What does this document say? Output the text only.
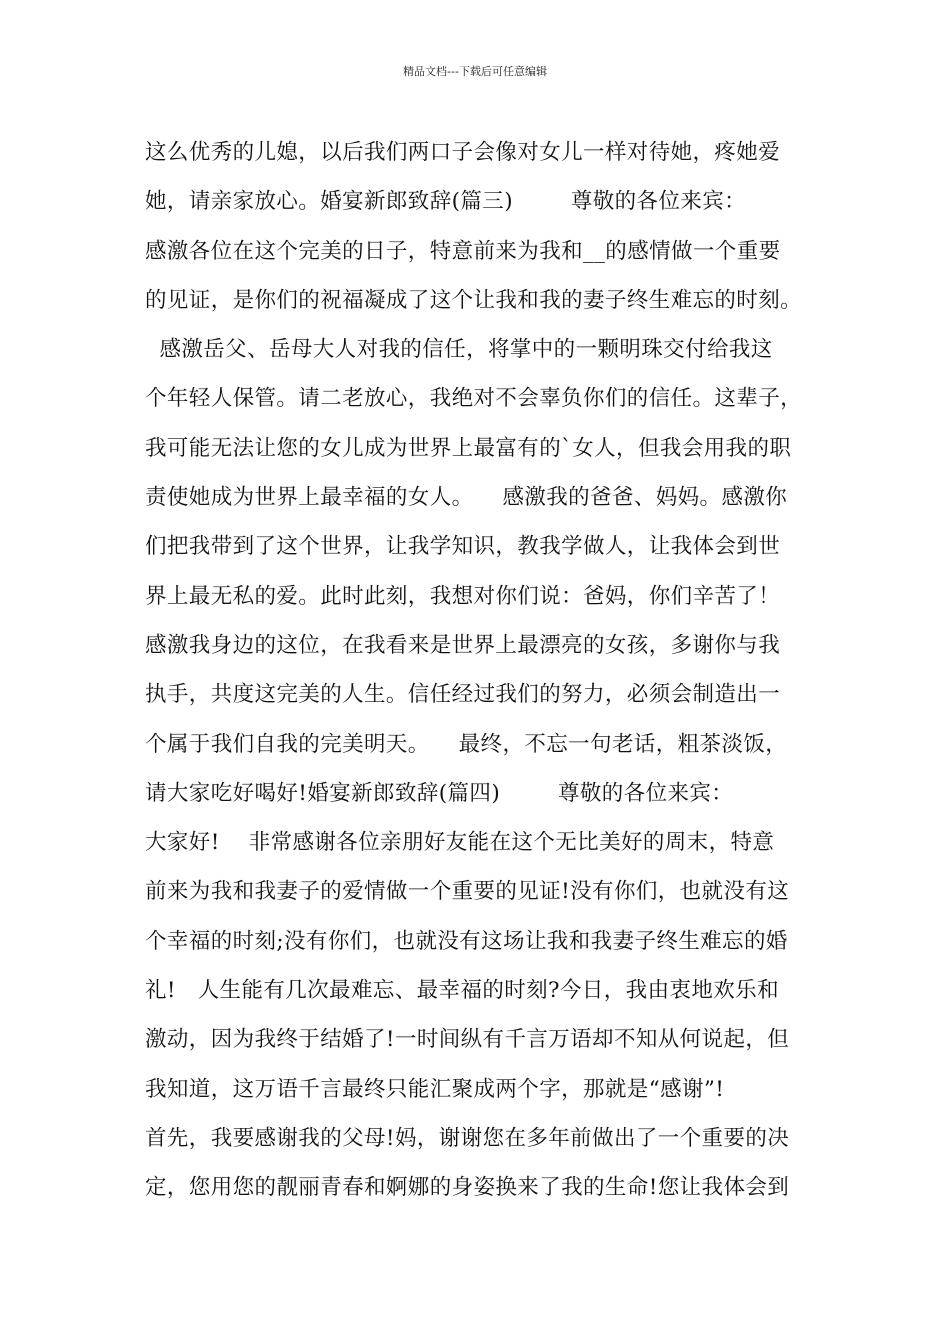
精品文档---下载后可任意编辑
这么优秀的儿媳，以后我们两口子会像对女儿一样对待她，疼她爱
她，请亲家放心。婚宴新郎致辞(篇三)        尊敬的各位来宾：
感激各位在这个完美的日子，特意前来为我和__的感情做一个重要
的见证，是你们的祝福凝成了这个让我和我的妻子终生难忘的时刻。
感激岳父、岳母大人对我的信任，将掌中的一颗明珠交付给我这
个年轻人保管。请二老放心，我绝对不会辜负你们的信任。这辈子，
我可能无法让您的女儿成为世界上最富有的`女人，但我会用我的职
责使她成为世界上最幸福的女人。    感激我的爸爸、妈妈。感激你
们把我带到了这个世界，让我学知识，教我学做人，让我体会到世
界上最无私的爱。此时此刻，我想对你们说：爸妈，你们辛苦了！
感激我身边的这位，在我看来是世界上最漂亮的女孩，多谢你与我
执手，共度这完美的人生。信任经过我们的努力，必须会制造出一
个属于我们自我的完美明天。    最终，不忘一句老话，粗茶淡饭，
请大家吃好喝好!婚宴新郎致辞(篇四)        尊敬的各位来宾：
大家好!    非常感谢各位亲朋好友能在这个无比美好的周末，特意
前来为我和我妻子的爱情做一个重要的见证!没有你们，也就没有这
个幸福的时刻;没有你们，也就没有这场让我和我妻子终生难忘的婚
礼!   人生能有几次最难忘、最幸福的时刻?今日，我由衷地欢乐和
激动，因为我终于结婚了!一时间纵有千言万语却不知从何说起，但
我知道，这万语千言最终只能汇聚成两个字，那就是“感谢”!
首先，我要感谢我的父母!妈，谢谢您在多年前做出了一个重要的决
定，您用您的靓丽青春和婀娜的身姿换来了我的生命!您让我体会到
